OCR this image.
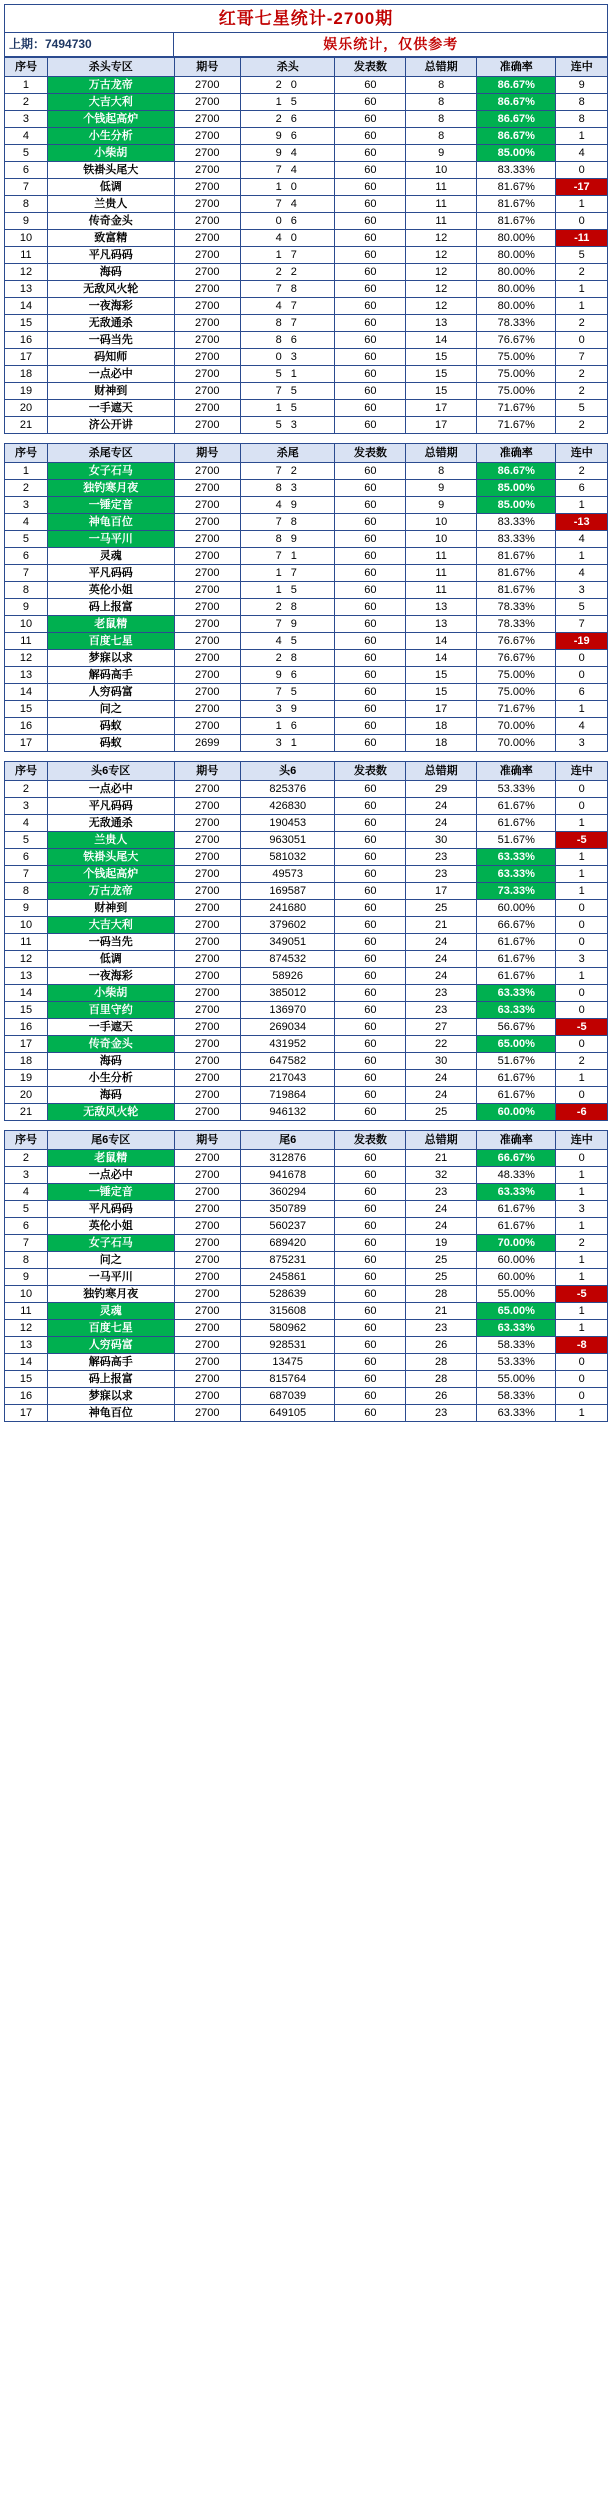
红哥七星统计-2700期
上期：7494730	娱乐统计，仅供参考
序号	杀头专区	期号	杀头	发表数	总错期	准确率	连中
1	万古龙帝	2700	2 0	60	8	86.67%	9
2	大吉大利	2700	1 5	60	8	86.67%	8
3	个钱起高炉	2700	2 6	60	8	86.67%	8
4	小生分析	2700	9 6	60	8	86.67%	1
5	小柴胡	2700	9 4	60	9	85.00%	4
6	铁褂头尾大	2700	7 4	60	10	83.33%	0
7	低调	2700	1 0	60	11	81.67%	-17
8	兰贵人	2700	7 4	60	11	81.67%	1
9	传奇金头	2700	0 6	60	11	81.67%	0
10	致富精	2700	4 0	60	12	80.00%	-11
11	平凡码码	2700	1 7	60	12	80.00%	5
12	海码	2700	2 2	60	12	80.00%	2
13	无敌风火轮	2700	7 8	60	12	80.00%	1
14	一夜海彩	2700	4 7	60	12	80.00%	1
15	无敌通杀	2700	8 7	60	13	78.33%	2
16	一码当先	2700	8 6	60	14	76.67%	0
17	码知师	2700	0 3	60	15	75.00%	7
18	一点必中	2700	5 1	60	15	75.00%	2
19	财神到	2700	7 5	60	15	75.00%	2
20	一手遮天	2700	1 5	60	17	71.67%	5
21	济公开讲	2700	5 3	60	17	71.67%	2
序号	杀尾专区	期号	杀尾	发表数	总错期	准确率	连中
1	女子石马	2700	7 2	60	8	86.67%	2
2	独钓寒月夜	2700	8 3	60	9	85.00%	6
3	一锤定音	2700	4 9	60	9	85.00%	1
4	神龟百位	2700	7 8	60	10	83.33%	-13
5	一马平川	2700	8 9	60	10	83.33%	4
6	灵魂	2700	7 1	60	11	81.67%	1
7	平凡码码	2700	1 7	60	11	81.67%	4
8	英伦小姐	2700	1 5	60	11	81.67%	3
9	码上报富	2700	2 8	60	13	78.33%	5
10	老鼠精	2700	7 9	60	13	78.33%	7
11	百度七星	2700	4 5	60	14	76.67%	-19
12	梦寐以求	2700	2 8	60	14	76.67%	0
13	解码高手	2700	9 6	60	15	75.00%	0
14	人穷码富	2700	7 5	60	15	75.00%	6
15	问之	2700	3 9	60	17	71.67%	1
16	码蚁	2700	1 6	60	18	70.00%	4
17	码蚁	2699	3 1	60	18	70.00%	3
序号	头6专区	期号	头6	发表数	总错期	准确率	连中
2	一点必中	2700	825376	60	29	53.33%	0
3	平凡码码	2700	426830	60	24	61.67%	0
4	无敌通杀	2700	190453	60	24	61.67%	1
5	兰贵人	2700	963051	60	30	51.67%	-5
6	铁褂头尾大	2700	581032	60	23	63.33%	1
7	个钱起高炉	2700	49573	60	23	63.33%	1
8	万古龙帝	2700	169587	60	17	73.33%	1
9	财神到	2700	241680	60	25	60.00%	0
10	大吉大利	2700	379602	60	21	66.67%	0
11	一码当先	2700	349051	60	24	61.67%	0
12	低调	2700	874532	60	24	61.67%	3
13	一夜海彩	2700	58926	60	24	61.67%	1
14	小柴胡	2700	385012	60	23	63.33%	0
15	百里守约	2700	136970	60	23	63.33%	0
16	一手遮天	2700	269034	60	27	56.67%	-5
17	传奇金头	2700	431952	60	22	65.00%	0
18	海码	2700	647582	60	30	51.67%	2
19	小生分析	2700	217043	60	24	61.67%	1
20	海码	2700	719864	60	24	61.67%	0
21	无敌风火轮	2700	946132	60	25	60.00%	-6
序号	尾6专区	期号	尾6	发表数	总错期	准确率	连中
2	老鼠精	2700	312876	60	21	66.67%	0
3	一点必中	2700	941678	60	32	48.33%	1
4	一锤定音	2700	360294	60	23	63.33%	1
5	平凡码码	2700	350789	60	24	61.67%	3
6	英伦小姐	2700	560237	60	24	61.67%	1
7	女子石马	2700	689420	60	19	70.00%	2
8	问之	2700	875231	60	25	60.00%	1
9	一马平川	2700	245861	60	25	60.00%	1
10	独钓寒月夜	2700	528639	60	28	55.00%	-5
11	灵魂	2700	315608	60	21	65.00%	1
12	百度七星	2700	580962	60	23	63.33%	1
13	人穷码富	2700	928531	60	26	58.33%	-8
14	解码高手	2700	13475	60	28	53.33%	0
15	码上报富	2700	815764	60	28	55.00%	0
16	梦寐以求	2700	687039	60	26	58.33%	0
17	神龟百位	2700	649105	60	23	63.33%	1
